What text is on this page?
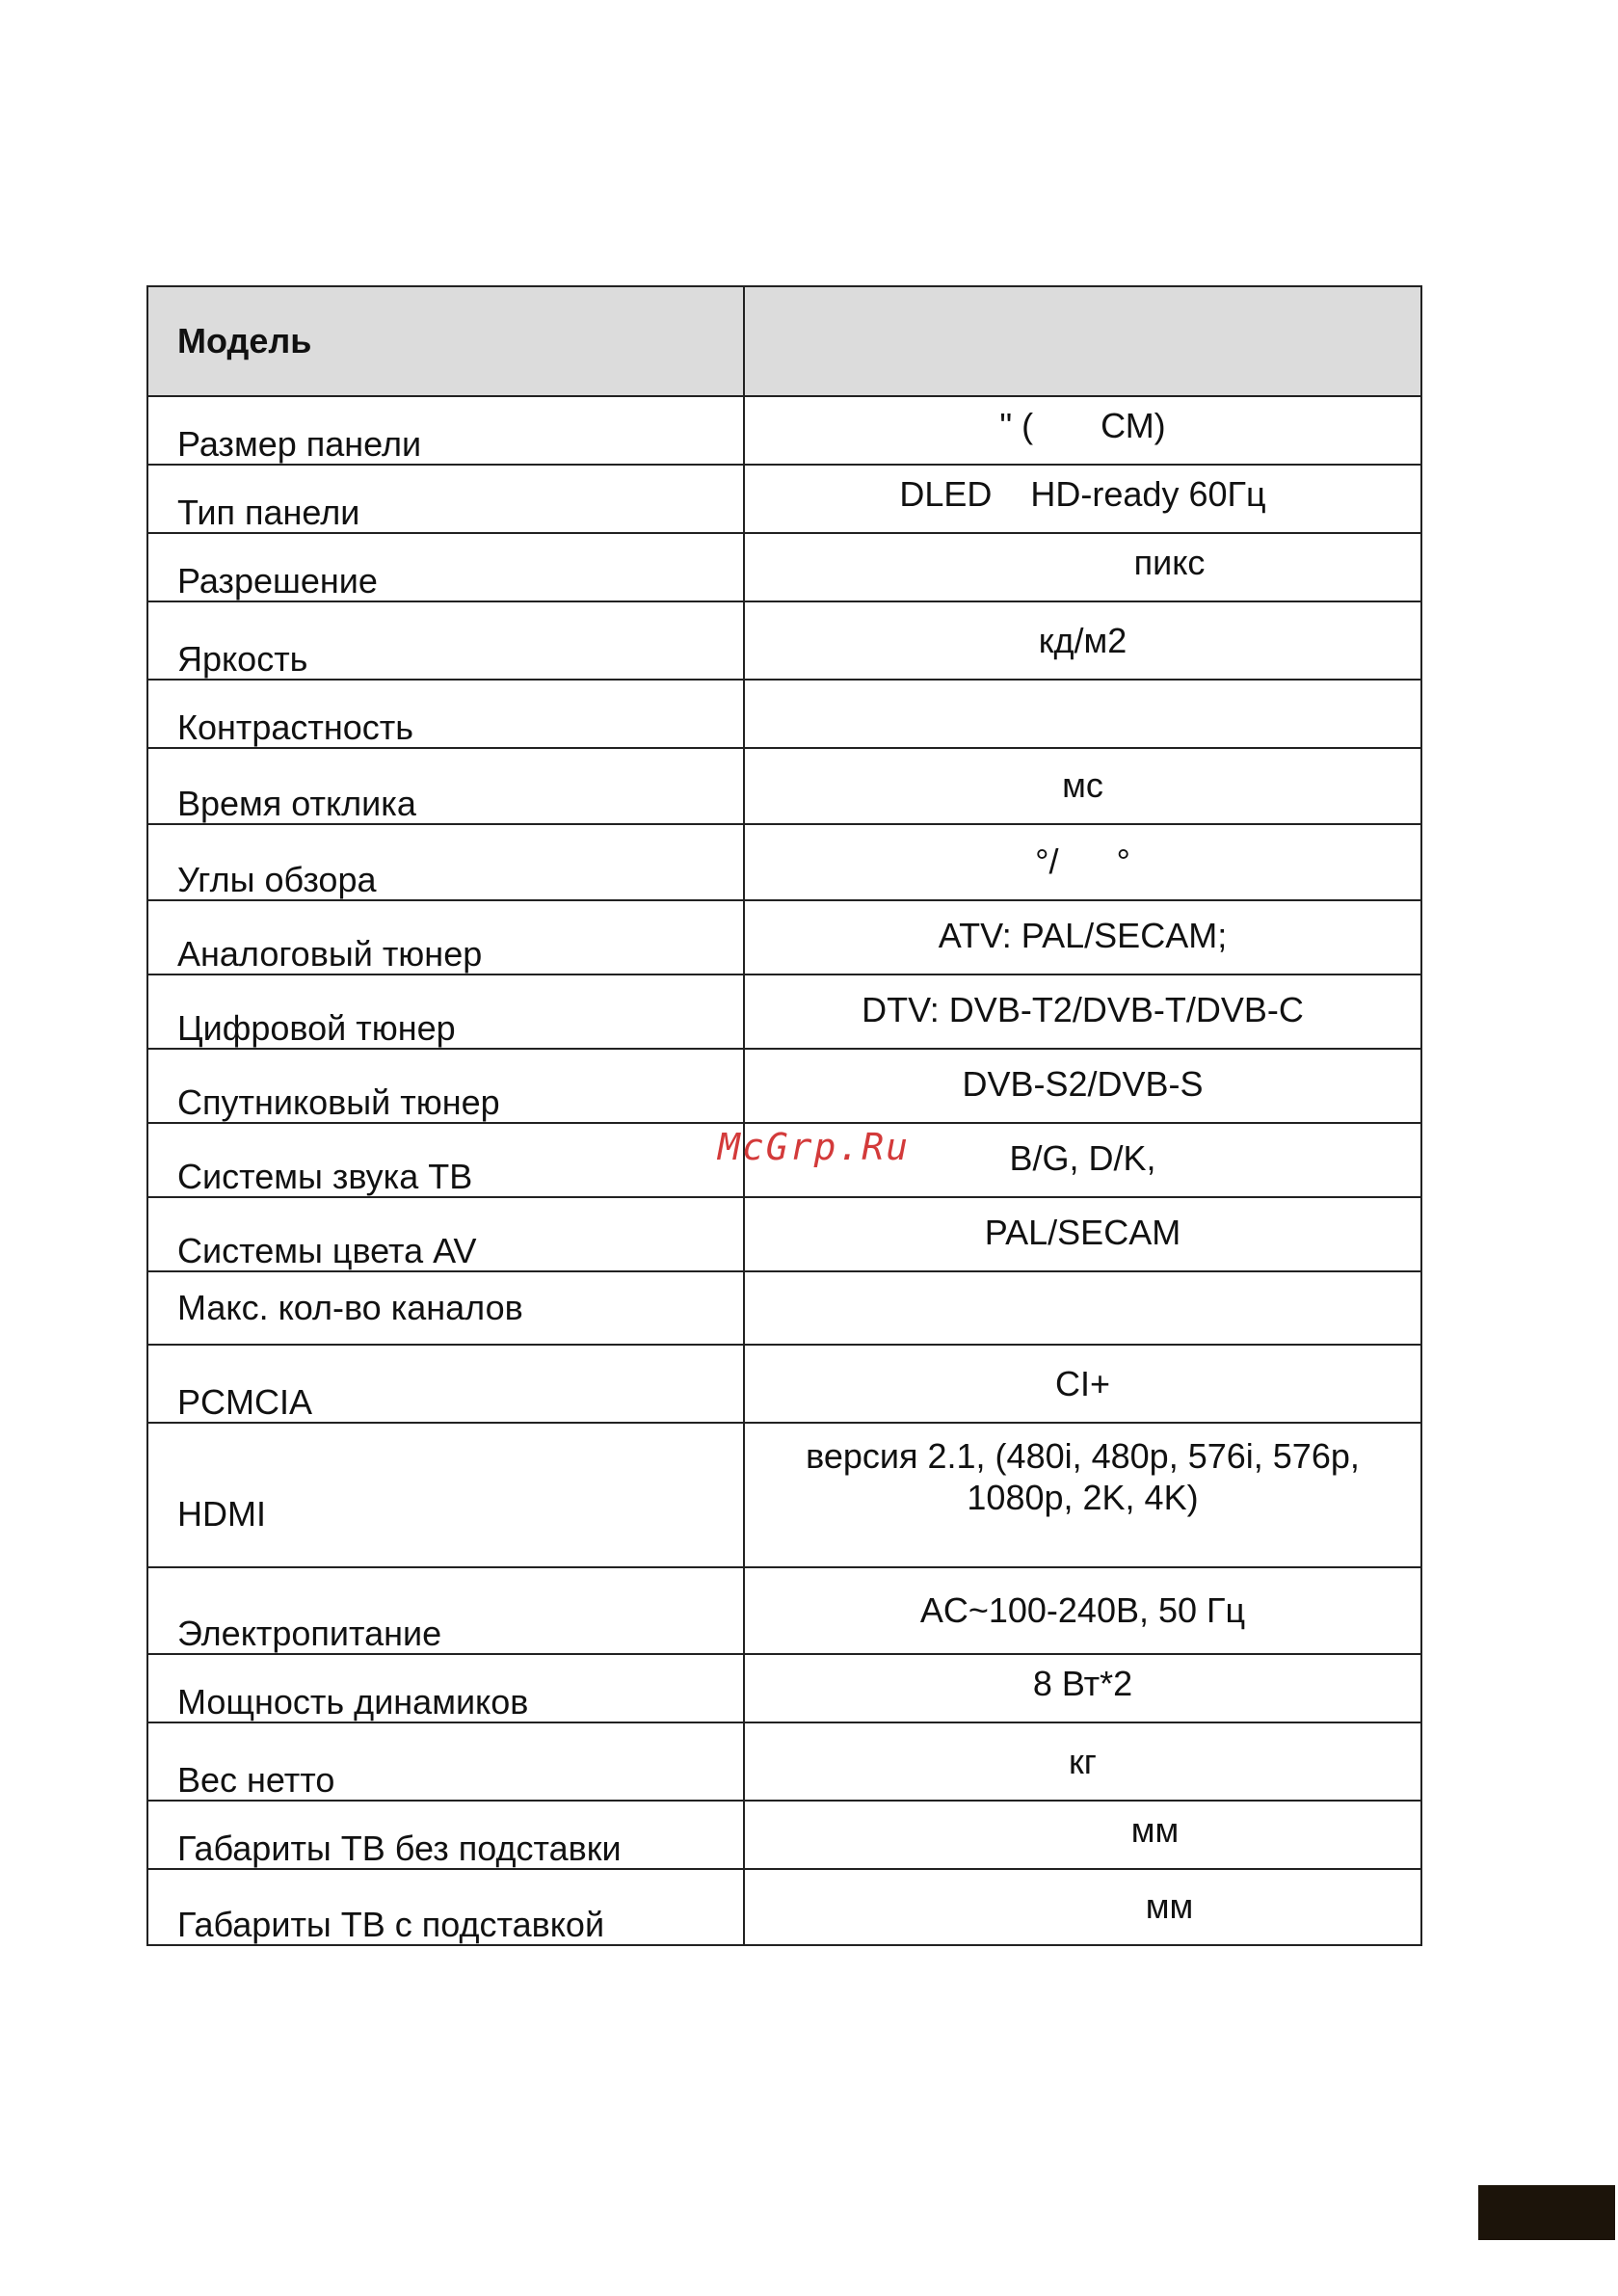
Модель	
Размер панели	" (       СМ)
Тип панели	DLED    HD-ready 60Гц
Разрешение	пикс
Яркость	кд/м2
Контрастность	
Время отклика	мс
Углы обзора	°/      °
Аналоговый тюнер	ATV: PAL/SECAM;
Цифровой тюнер	DTV: DVB-T2/DVB-T/DVB-C
Спутниковый тюнер	DVB-S2/DVB-S
Системы звука ТВ	B/G, D/K,
Системы цвета AV	PAL/SECAM
Макс. кол-во каналов	
PCMCIA	CI+
HDMI	версия 2.1, (480i, 480p, 576i, 576p, 1080p, 2K, 4K)
Электропитание	AC~100-240В, 50 Гц
Мощность динамиков	8 Вт*2
Вес нетто	кг
Габариты ТВ без подставки	мм
Габариты ТВ с подставкой	мм
McGrp.Ru
